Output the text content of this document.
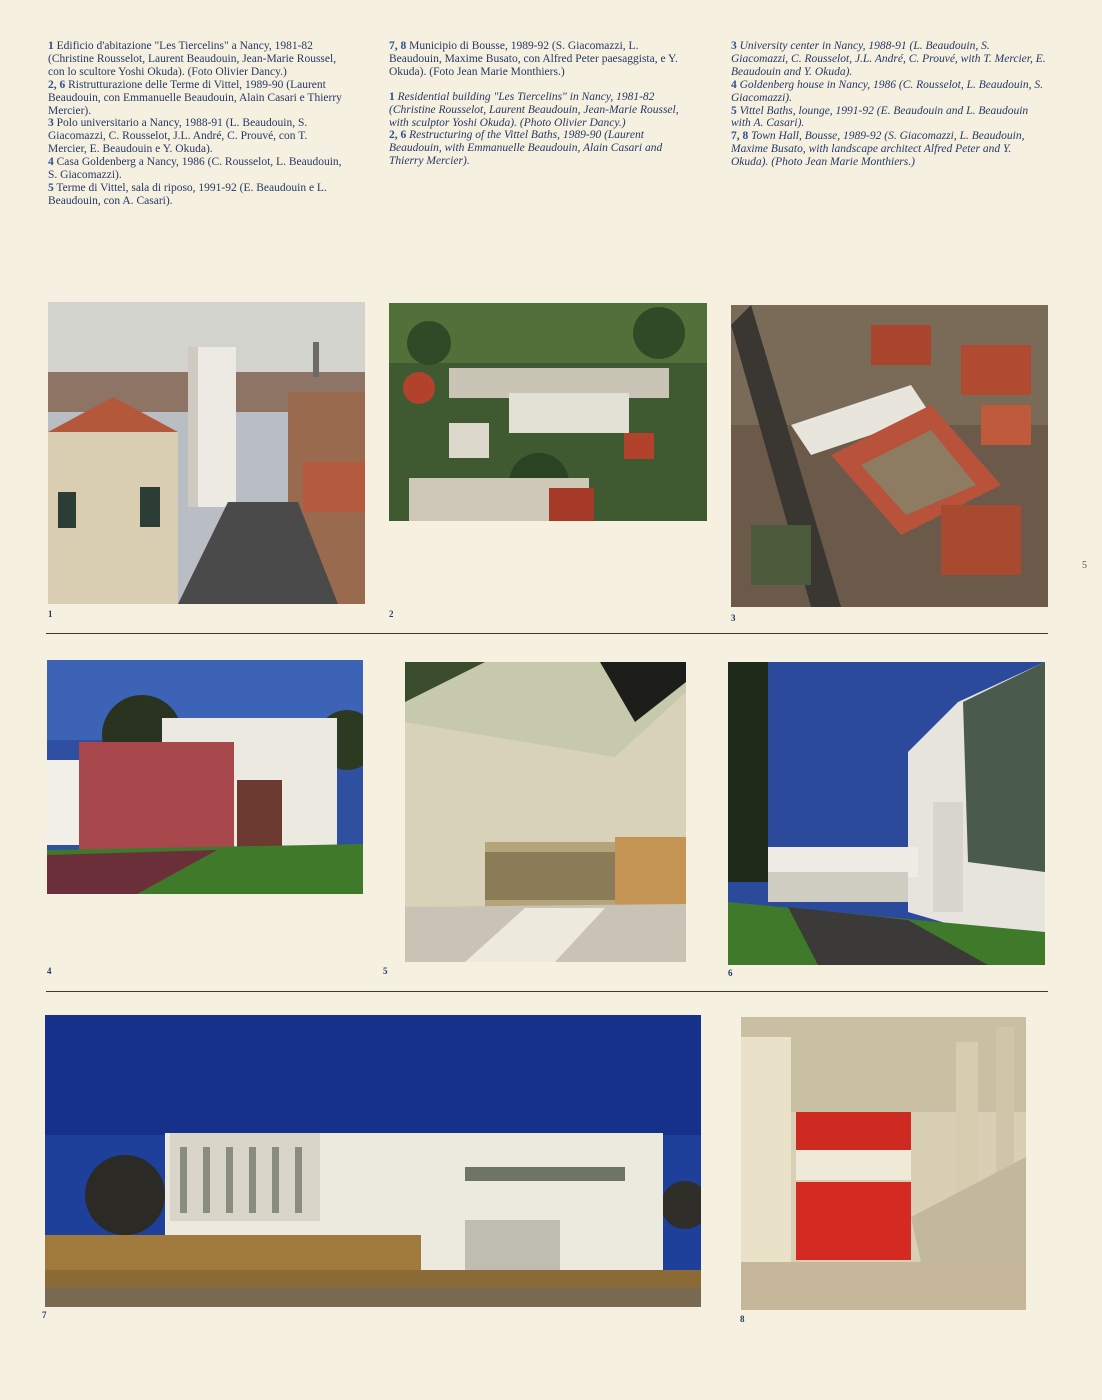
1 Edificio d'abitazione "Les Tiercelins" a Nancy, 1981-82 (Christine Rousselot, Laurent Beaudouin, Jean-Marie Roussel, con lo scultore Yoshi Okuda). (Foto Olivier Dancy.)

2, 6 Ristrutturazione delle Terme di Vittel, 1989-90 (Laurent Beaudouin, con Emmanuelle Beaudouin, Alain Casari e Thierry Mercier).

3 Polo universitario a Nancy, 1988-91 (L. Beaudouin, S. Giacomazzi, C. Rousselot, J.L. André, C. Prouvé, con T. Mercier, E. Beaudouin e Y. Okuda).

4 Casa Goldenberg a Nancy, 1986 (C. Rousselot, L. Beaudouin, S. Giacomazzi).

5 Terme di Vittel, sala di riposo, 1991-92 (E. Beaudouin e L. Beaudouin, con A. Casari).

7, 8 Municipio di Bousse, 1989-92 (S. Giacomazzi, L. Beaudouin, Maxime Busato, con Alfred Peter paesaggista, e Y. Okuda). (Foto Jean Marie Monthiers.)

1 Residential building "Les Tiercelins" in Nancy, 1981-82 (Christine Rousselot, Laurent Beaudouin, Jean-Marie Roussel, with sculptor Yoshi Okuda). (Photo Olivier Dancy.)

2, 6 Restructuring of the Vittel Baths, 1989-90 (Laurent Beaudouin, with Emmanuelle Beaudouin, Alain Casari and Thierry Mercier).

3 University center in Nancy, 1988-91 (L. Beaudouin, S. Giacomazzi, C. Rousselot, J.L. André, C. Prouvé, with T. Mercier, E. Beaudouin and Y. Okuda).

4 Goldenberg house in Nancy, 1986 (C. Rousselot, L. Beaudouin, S. Giacomazzi).

5 Vittel Baths, lounge, 1991-92 (E. Beaudouin and L. Beaudouin with A. Casari).

7, 8 Town Hall, Bousse, 1989-92 (S. Giacomazzi, L. Beaudouin, Maxime Busato, with landscape architect Alfred Peter and Y. Okuda). (Photo Jean Marie Monthiers.)

1	2	3
5
4	5	6
7	8
